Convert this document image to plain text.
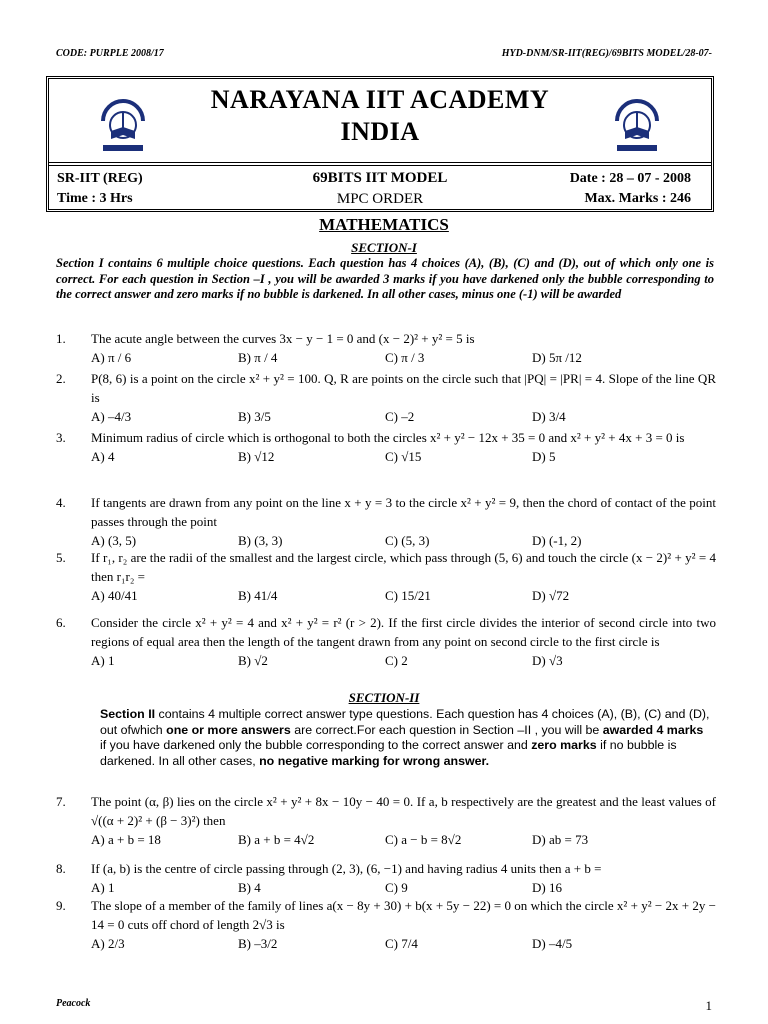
CODE: PURPLE 2008/17	HYD-DNM/SR-IIT(REG)/69BITS MODEL/28-07-
NARAYANA IIT ACADEMY
INDIA
SR-IIT (REG)	69BITS IIT MODEL	Date : 28 – 07 - 2008
Time : 3 Hrs	MPC ORDER	Max. Marks : 246
MATHEMATICS
SECTION-I
Section I contains 6 multiple choice questions. Each question has 4 choices (A), (B), (C) and (D), out of which only one is correct. For each question in Section –I , you will be awarded 3 marks if you have darkened only the bubble corresponding to the correct answer and zero marks if no bubble is darkened. In all other cases, minus one (-1) will be awarded
1.	The acute angle between the curves 3x − y − 1 = 0 and (x − 2)² + y² = 5 is
A) π / 6	B) π / 4	C) π / 3	D) 5π /12
2.	P(8, 6) is a point on the circle x² + y² = 100. Q, R are points on the circle such that |PQ| = |PR| = 4. Slope of the line QR is
A) –4/3	B) 3/5	C) –2	D) 3/4
3.	Minimum radius of circle which is orthogonal to both the circles x² + y² − 12x + 35 = 0 and x² + y² + 4x + 3 = 0 is
A) 4	B) √12	C) √15	D) 5
4.	If tangents are drawn from any point on the line x + y = 3 to the circle x² + y² = 9, then the chord of contact of the point passes through the point
A) (3, 5)	B) (3, 3)	C) (5, 3)	D) (-1, 2)
5.	If r₁, r₂ are the radii of the smallest and the largest circle, which pass through (5, 6) and touch the circle (x − 2)² + y² = 4 then r₁r₂ =
A) 40/41	B) 41/4	C) 15/21	D) √72
6.	Consider the circle x² + y² = 4 and x² + y² = r² (r > 2). If the first circle divides the interior of second circle into two regions of equal area then the length of the tangent drawn from any point on second circle to the first circle is
A) 1	B) √2	C) 2	D) √3
SECTION-II
Section II contains 4 multiple correct answer type questions. Each question has 4 choices (A), (B), (C) and (D), out ofwhich one or more answers are correct.For each question in Section –II , you will be awarded 4 marks if you have darkened only the bubble corresponding to the correct answer and zero marks if no bubble is darkened. In all other cases, no negative marking for wrong answer.
7.	The point (α, β) lies on the circle x² + y² + 8x − 10y − 40 = 0. If a, b respectively are the greatest and the least values of √((α + 2)² + (β − 3)²) then
A) a + b = 18	B) a + b = 4√2	C) a − b = 8√2	D) ab = 73
8.	If (a, b) is the centre of circle passing through (2, 3), (6, −1) and having radius 4 units then a + b =
A) 1	B) 4	C) 9	D) 16
9.	The slope of a member of the family of lines a(x − 8y + 30) + b(x + 5y − 22) = 0 on which the circle x² + y² − 2x + 2y − 14 = 0 cuts off chord of length 2√3 is
A) 2/3	B) –3/2	C) 7/4	D) –4/5
Peacock	1
